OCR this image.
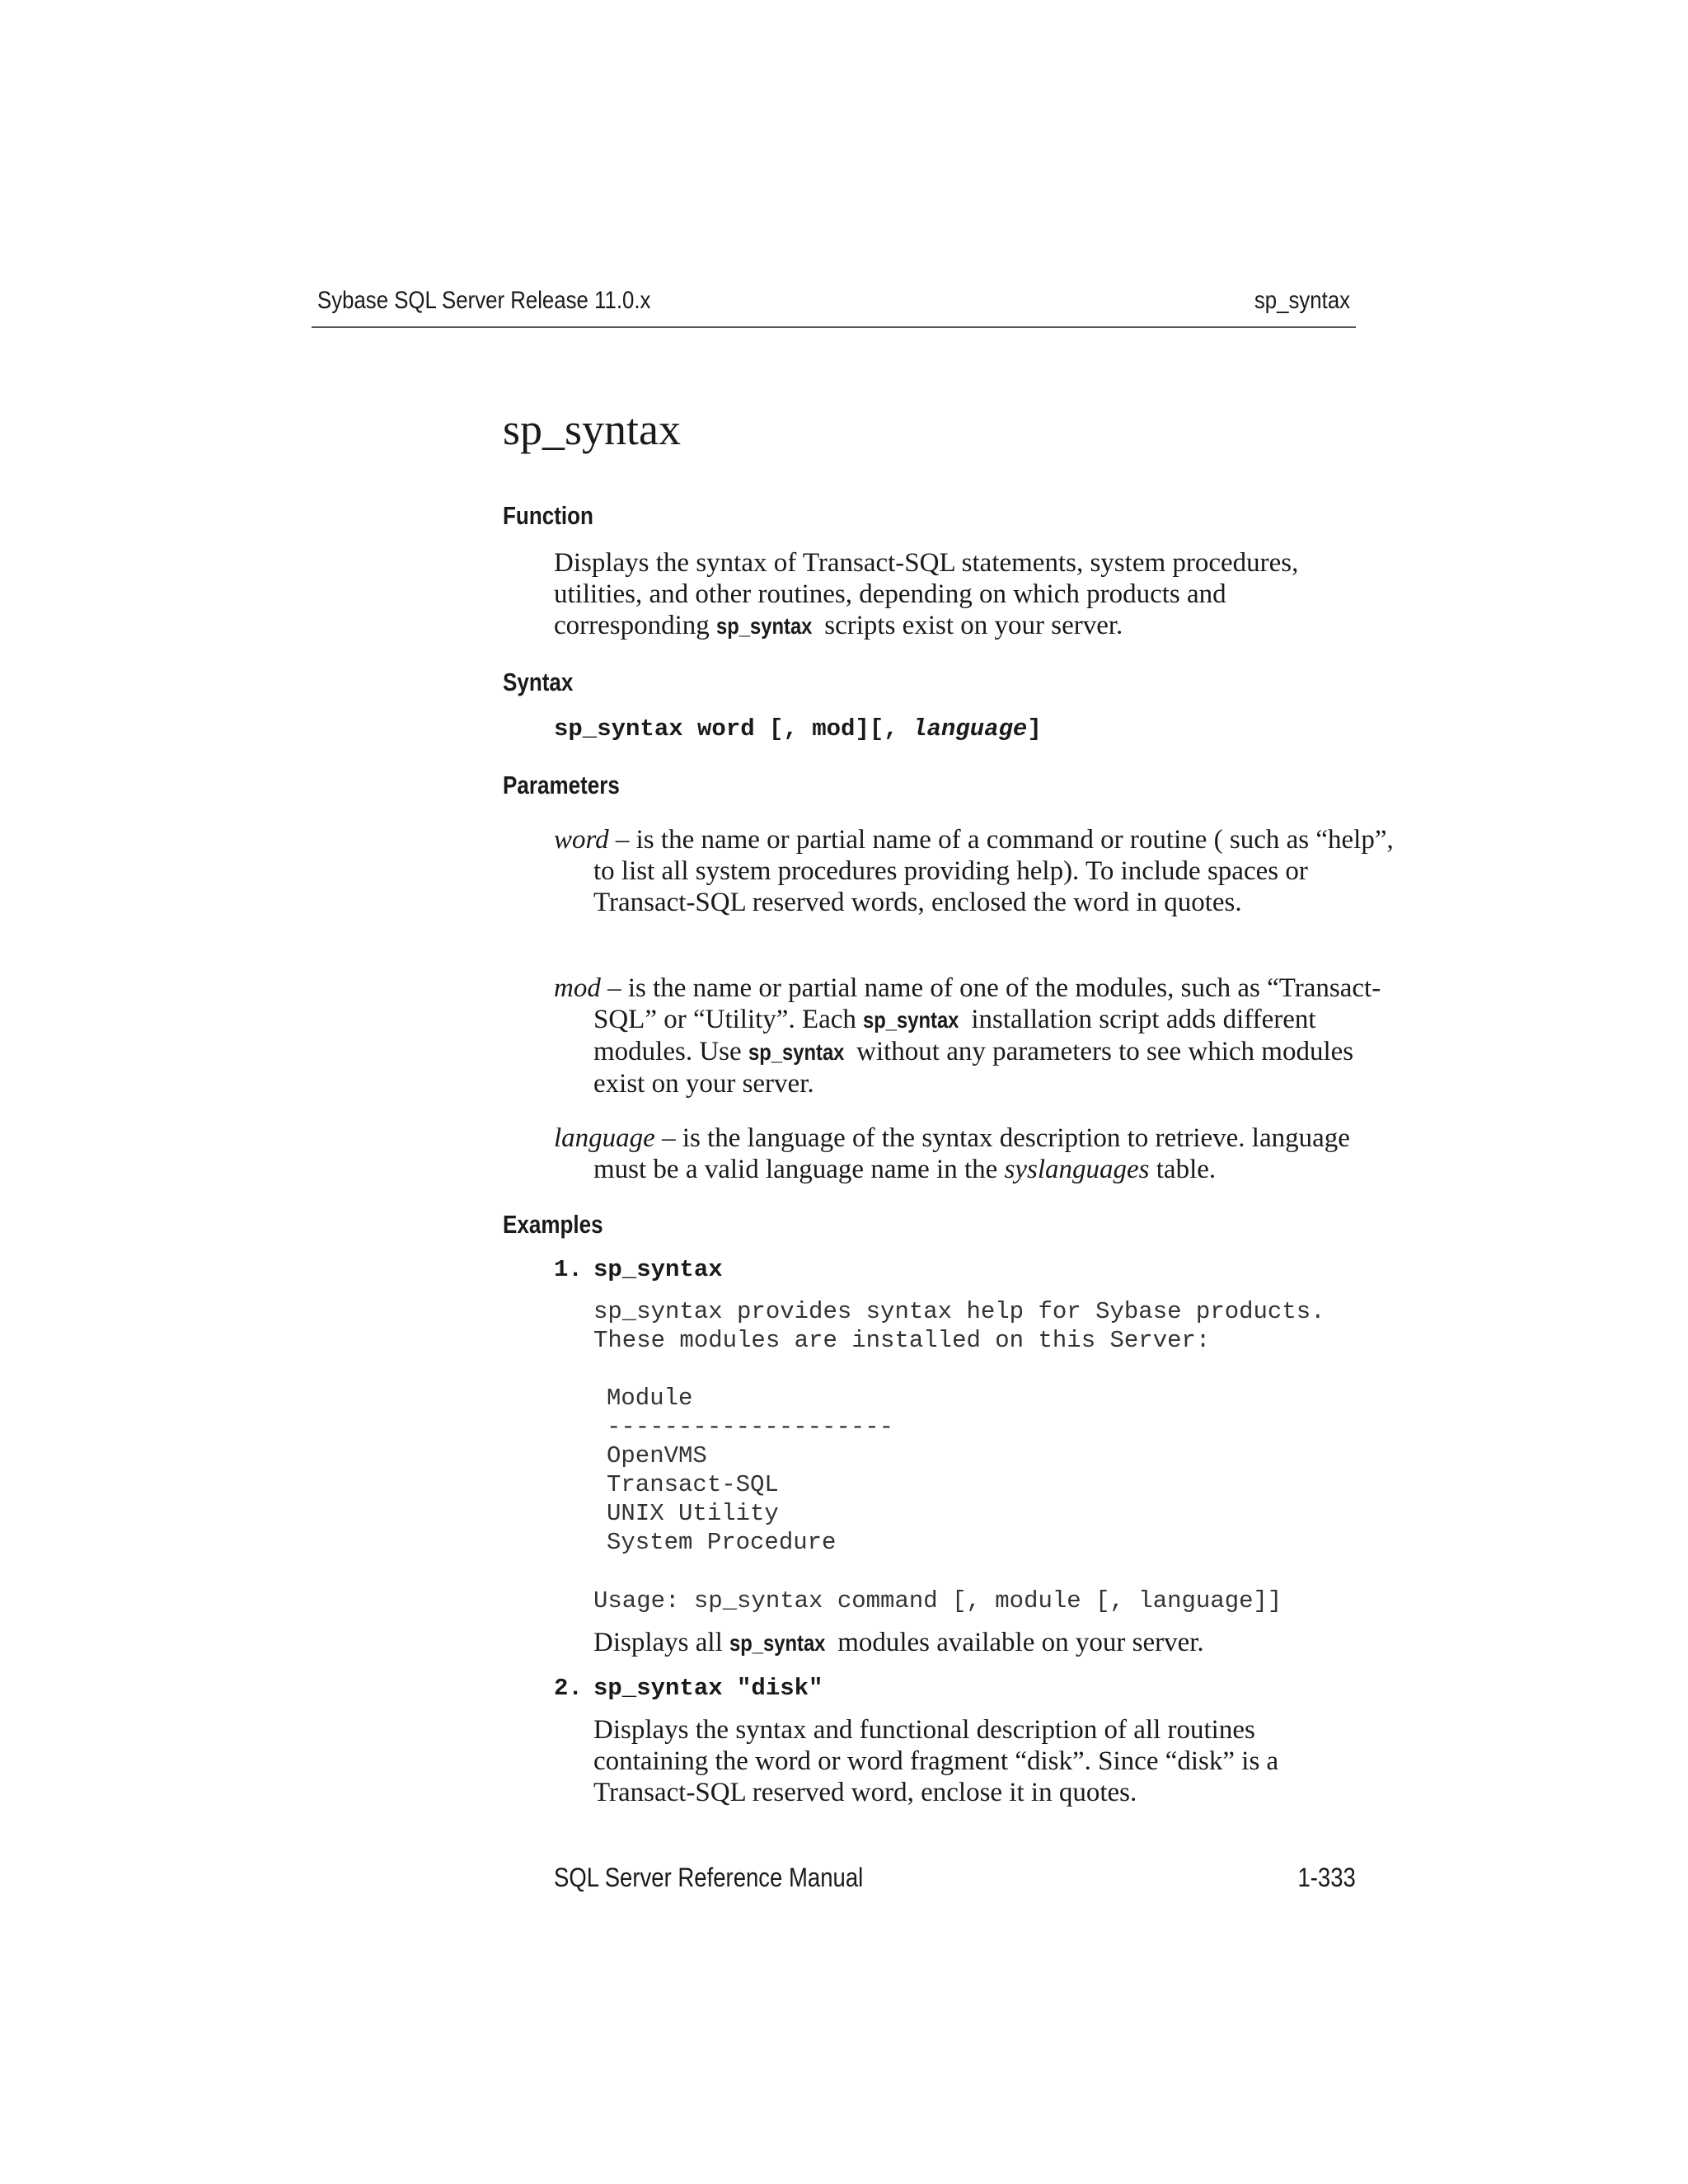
Sybase SQL Server Release 11.0.x	sp_syntax
sp_syntax
Function
Displays the syntax of Transact-SQL statements, system procedures,
utilities, and other routines, depending on which products and
corresponding sp_syntax scripts exist on your server.
Syntax
sp_syntax word [, mod][, language]
Parameters

word – is the name or partial name of a command or routine ( such as “help”, to list all system procedures providing help). To include spaces or Transact-SQL reserved words, enclosed the word in quotes.

mod – is the name or partial name of one of the modules, such as “Transact-SQL” or “Utility”. Each sp_syntax installation script adds different modules. Use sp_syntax without any parameters to see which modules exist on your server.

language – is the language of the syntax description to retrieve. language must be a valid language name in the syslanguages table.

Examples
1. sp_syntax
sp_syntax provides syntax help for Sybase products.
These modules are installed on this Server:
Module
--------------------
OpenVMS
Transact-SQL
UNIX Utility
System Procedure
Usage: sp_syntax command [, module [, language]]
Displays all sp_syntax modules available on your server.
2. sp_syntax "disk"
Displays the syntax and functional description of all routines
containing the word or word fragment “disk”. Since “disk” is a
Transact-SQL reserved word, enclose it in quotes.
SQL Server Reference Manual	1-333
